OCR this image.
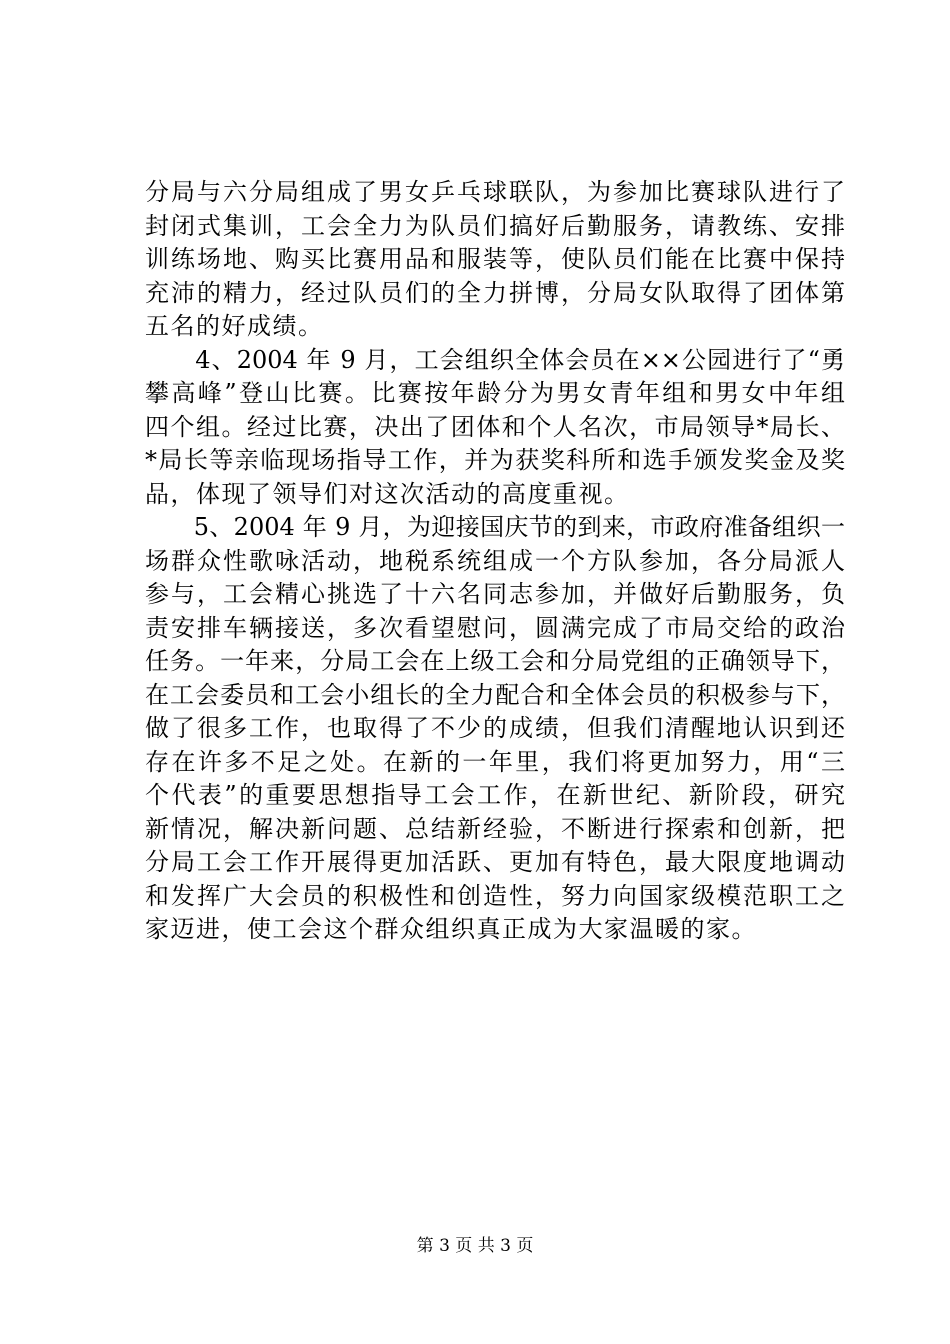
分局与六分局组成了男女乒乓球联队，为参加比赛球队进行了
封闭式集训，工会全力为队员们搞好后勤服务，请教练、安排
训练场地、购买比赛用品和服装等，使队员们能在比赛中保持
充沛的精力，经过队员们的全力拼博，分局女队取得了团体第
五名的好成绩。
　　4、2004 年 9 月，工会组织全体会员在××公园进行了“勇
攀高峰”登山比赛。比赛按年龄分为男女青年组和男女中年组
四个组。经过比赛，决出了团体和个人名次，市局领导*局长、
*局长等亲临现场指导工作，并为获奖科所和选手颁发奖金及奖
品，体现了领导们对这次活动的高度重视。
　　5、2004 年 9 月，为迎接国庆节的到来，市政府准备组织一
场群众性歌咏活动，地税系统组成一个方队参加，各分局派人
参与，工会精心挑选了十六名同志参加，并做好后勤服务，负
责安排车辆接送，多次看望慰问，圆满完成了市局交给的政治
任务。一年来，分局工会在上级工会和分局党组的正确领导下，
在工会委员和工会小组长的全力配合和全体会员的积极参与下，
做了很多工作，也取得了不少的成绩，但我们清醒地认识到还
存在许多不足之处。在新的一年里，我们将更加努力，用“三
个代表”的重要思想指导工会工作，在新世纪、新阶段，研究
新情况，解决新问题、总结新经验，不断进行探索和创新，把
分局工会工作开展得更加活跃、更加有特色，最大限度地调动
和发挥广大会员的积极性和创造性，努力向国家级模范职工之
家迈进，使工会这个群众组织真正成为大家温暖的家。
第 3 页 共 3 页
